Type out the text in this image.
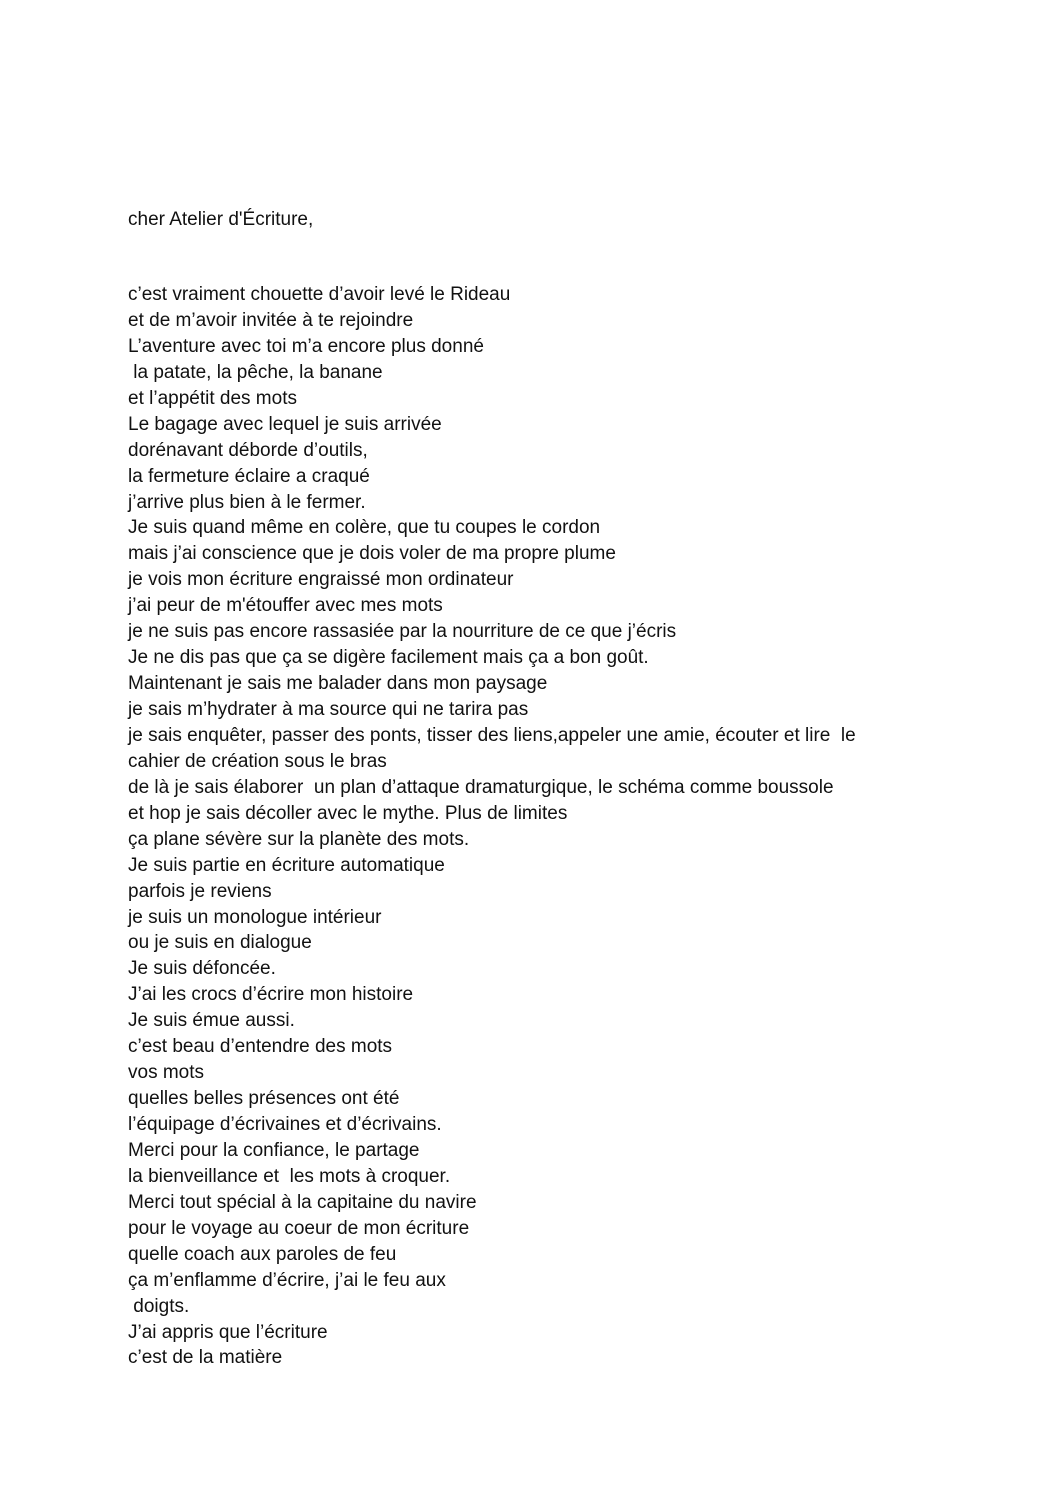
cher Atelier d'Écriture,

c’est vraiment chouette d’avoir levé le Rideau
et de m’avoir invitée à te rejoindre
L’aventure avec toi m’a encore plus donné
la patate, la pêche, la banane
et l’appétit des mots
Le bagage avec lequel je suis arrivée
dorénavant déborde d’outils,
la fermeture éclaire a craqué
j’arrive plus bien à le fermer.
Je suis quand même en colère, que tu coupes le cordon
mais j’ai conscience que je dois voler de ma propre plume
je vois mon écriture engraissé mon ordinateur
j’ai peur de m'étouffer avec mes mots
je ne suis pas encore rassasiée par la nourriture de ce que j’écris
Je ne dis pas que ça se digère facilement mais ça a bon goût.
Maintenant je sais me balader dans mon paysage
je sais m’hydrater à ma source qui ne tarira pas
je sais enquêter, passer des ponts, tisser des liens,appeler une amie, écouter et lire  le
cahier de création sous le bras
de là je sais élaborer  un plan d’attaque dramaturgique, le schéma comme boussole
et hop je sais décoller avec le mythe. Plus de limites
ça plane sévère sur la planète des mots.
Je suis partie en écriture automatique
parfois je reviens
je suis un monologue intérieur
ou je suis en dialogue
Je suis défoncée.
J’ai les crocs d’écrire mon histoire
Je suis émue aussi.
c’est beau d’entendre des mots
vos mots
quelles belles présences ont été
l’équipage d’écrivaines et d’écrivains.
Merci pour la confiance, le partage
la bienveillance et  les mots à croquer.
Merci tout spécial à la capitaine du navire
pour le voyage au coeur de mon écriture
quelle coach aux paroles de feu
ça m’enflamme d’écrire, j’ai le feu aux
doigts.
J’ai appris que l’écriture
c’est de la matière
